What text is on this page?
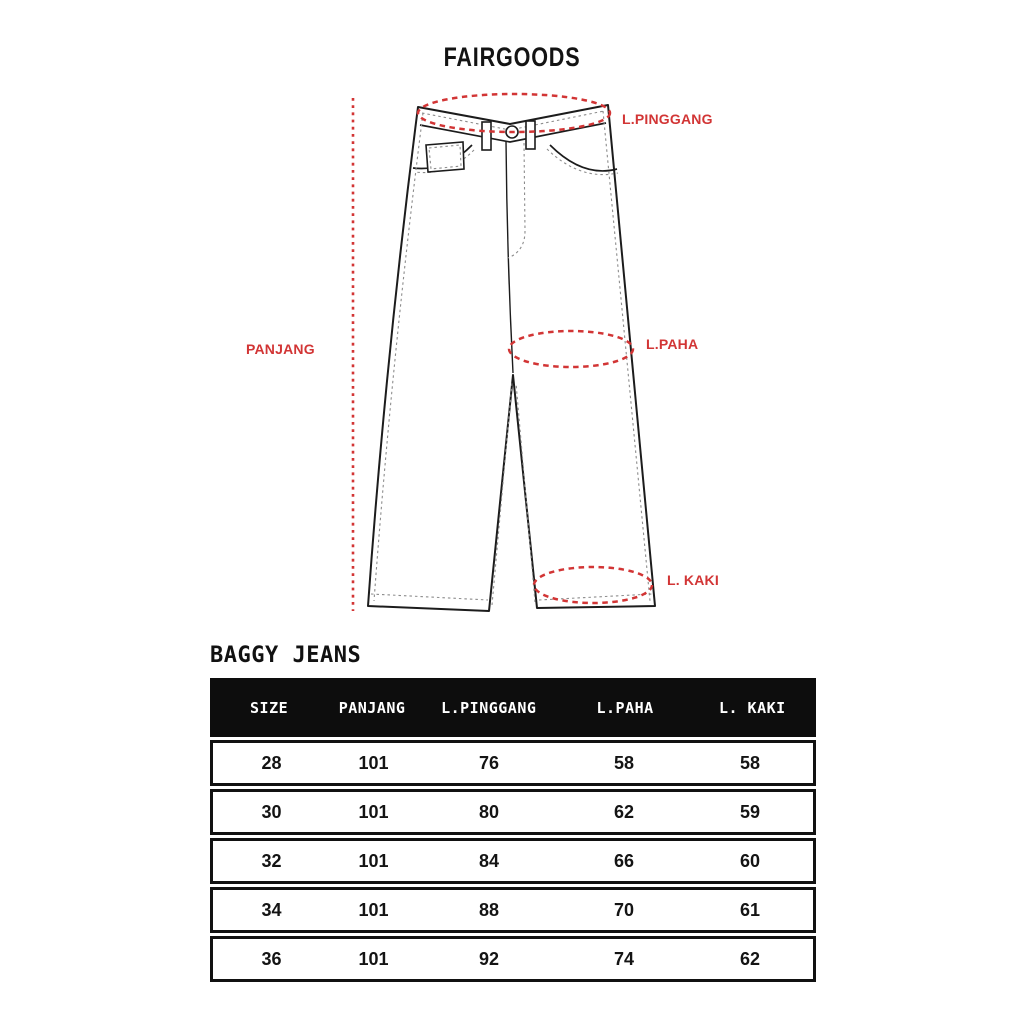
FAIRGOODS
PANJANG
L.PINGGANG
L.PAHA
L. KAKI
BAGGY JEANS
SIZE	PANJANG	L.PINGGANG	L.PAHA	L. KAKI
28	101	76	58	58
30	101	80	62	59
32	101	84	66	60
34	101	88	70	61
36	101	92	74	62
